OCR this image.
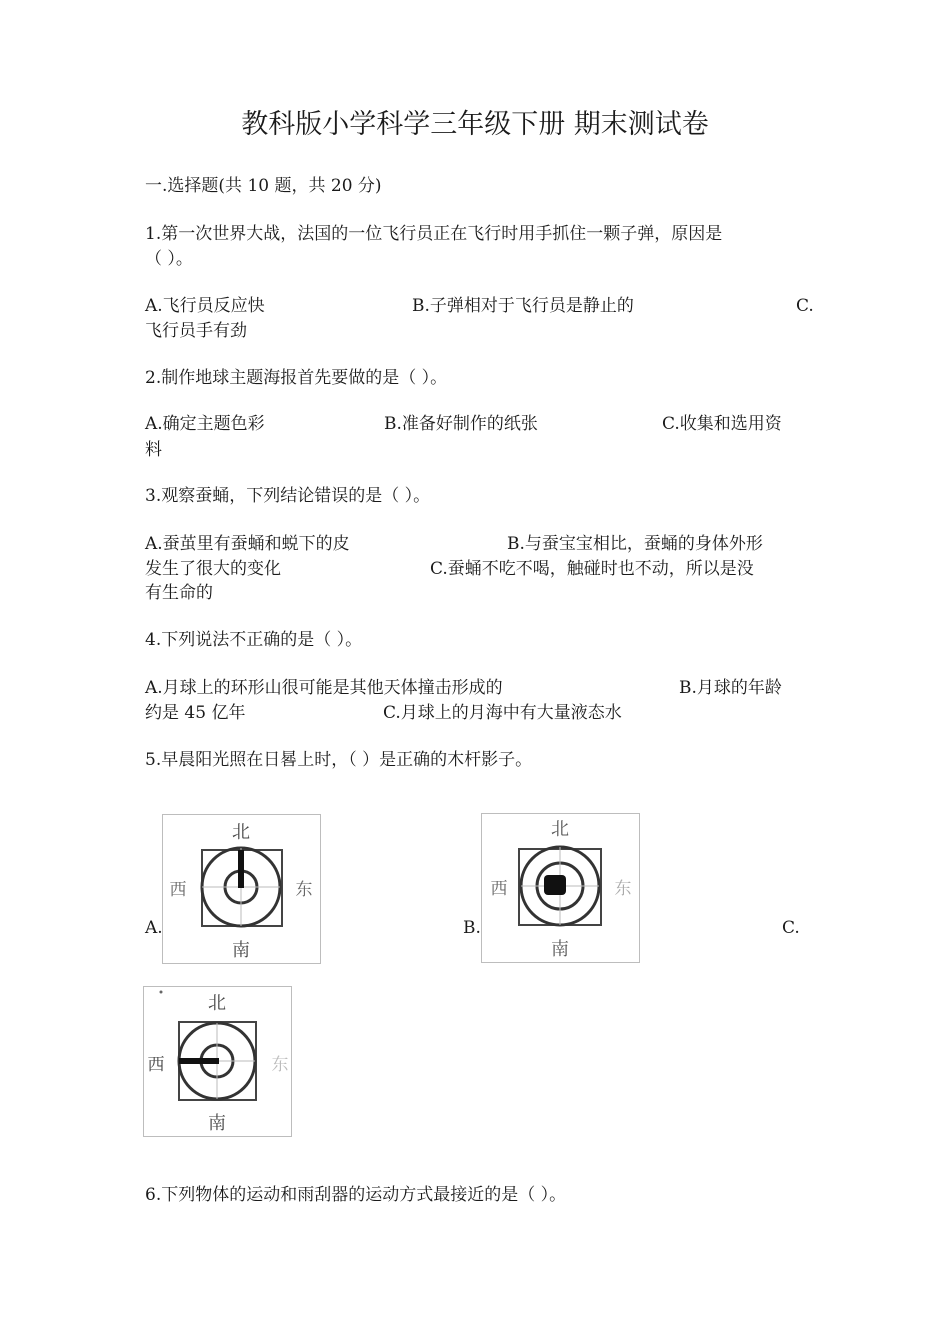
教科版小学科学三年级下册 期末测试卷
一.选择题(共 10 题，共 20 分)
1.第一次世界大战，法国的一位飞行员正在飞行时用手抓住一颗子弹，原因是
（ ）。
A.飞行员反应快	B.子弹相对于飞行员是静止的	C.
飞行员手有劲
2.制作地球主题海报首先要做的是（ ）。
A.确定主题色彩	B.准备好制作的纸张	C.收集和选用资
料
3.观察蚕蛹，下列结论错误的是（ ）。
A.蚕茧里有蚕蛹和蜕下的皮	B.与蚕宝宝相比，蚕蛹的身体外形
发生了很大的变化	C.蚕蛹不吃不喝，触碰时也不动，所以是没
有生命的
4.下列说法不正确的是（ ）。
A.月球上的环形山很可能是其他天体撞击形成的	B.月球的年龄
约是 45 亿年	C.月球上的月海中有大量液态水
5.早晨阳光照在日晷上时，（ ）是正确的木杆影子。
A.
北
南
西	东
B.
北
南
西	东
C.
北
南
西	东
6.下列物体的运动和雨刮器的运动方式最接近的是（ ）。
